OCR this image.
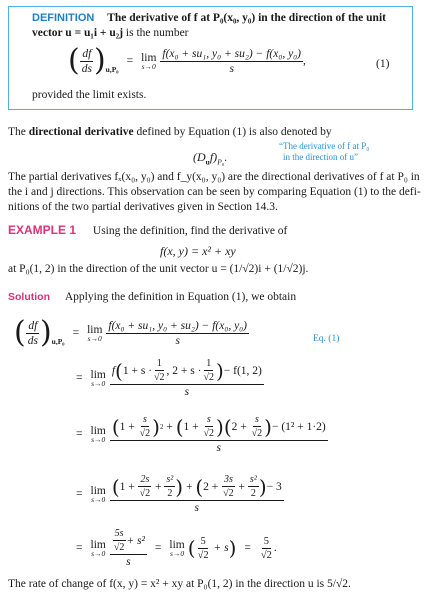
DEFINITION The derivative of f at P₀(x₀, y₀) in the direction of the unit
vector u = u₁i + u₂j is the number
( $\frac{df}{ds}$ ) u,P₀
= lim
$s\to 0 \frac{\text{f(x₀ + su₁, y₀ + su₂) − f(x₀, y₀)}}{s}$ ,	(1)
provided the limit exists.
The directional derivative defined by Equation (1) is also denoted by
$(D_uf)_{P_0}$.
“The derivative of f at P₀
in the direction of u”
The partial derivatives fₓ(x₀, y₀) and f_y(x₀, y₀) are the directional derivatives of f at P₀ in
the i and j directions. This observation can be seen by comparing Equation (1) to the defi-
nitions of the two partial derivatives given in Section 14.3.
EXAMPLE 1 Using the definition, find the derivative of
f(x, y) = x² + xy
at P₀(1, 2) in the direction of the unit vector u = (1/√2)i + (1/√2)j.
Solution Applying the definition in Equation (1), we obtain
( $\frac{df}{ds}$ ) u,P₀
= lim
$s\to 0 \frac{\text{f(x₀ + su₁, y₀ + su₂) − f(x₀, y₀)}}{s}$	Eq. (1)
= lim
s→0
f ( $1 + s \cdot \frac{1}{√2}$ , $2 + s \cdot \frac{1}{√2}$ ) − f(1, 2)
s
= lim
s→0
( $1 + \frac{s}{√2}$ ) 2 + ( $1 + \frac{s}{√2}$ )( $2 + \frac{s}{√2}$ ) − (1² + 1·2)
s
= lim
s→0
( $1 + \frac{2s}{√2} + \frac{\text{s²}}{2}$ ) + ( $2 + \frac{3s}{√2} + \frac{\text{s²}}{2}$ ) − 3
s
= lim
$s\to 0 \frac{\frac{5s}{√2} + s^2}{s} = \lim$
s→0 ( $\frac{5}{√2} + s$ ) = $\frac{5}{√2}$ .
The rate of change of f(x, y) = x² + xy at P₀(1, 2) in the direction u is 5/√2.
